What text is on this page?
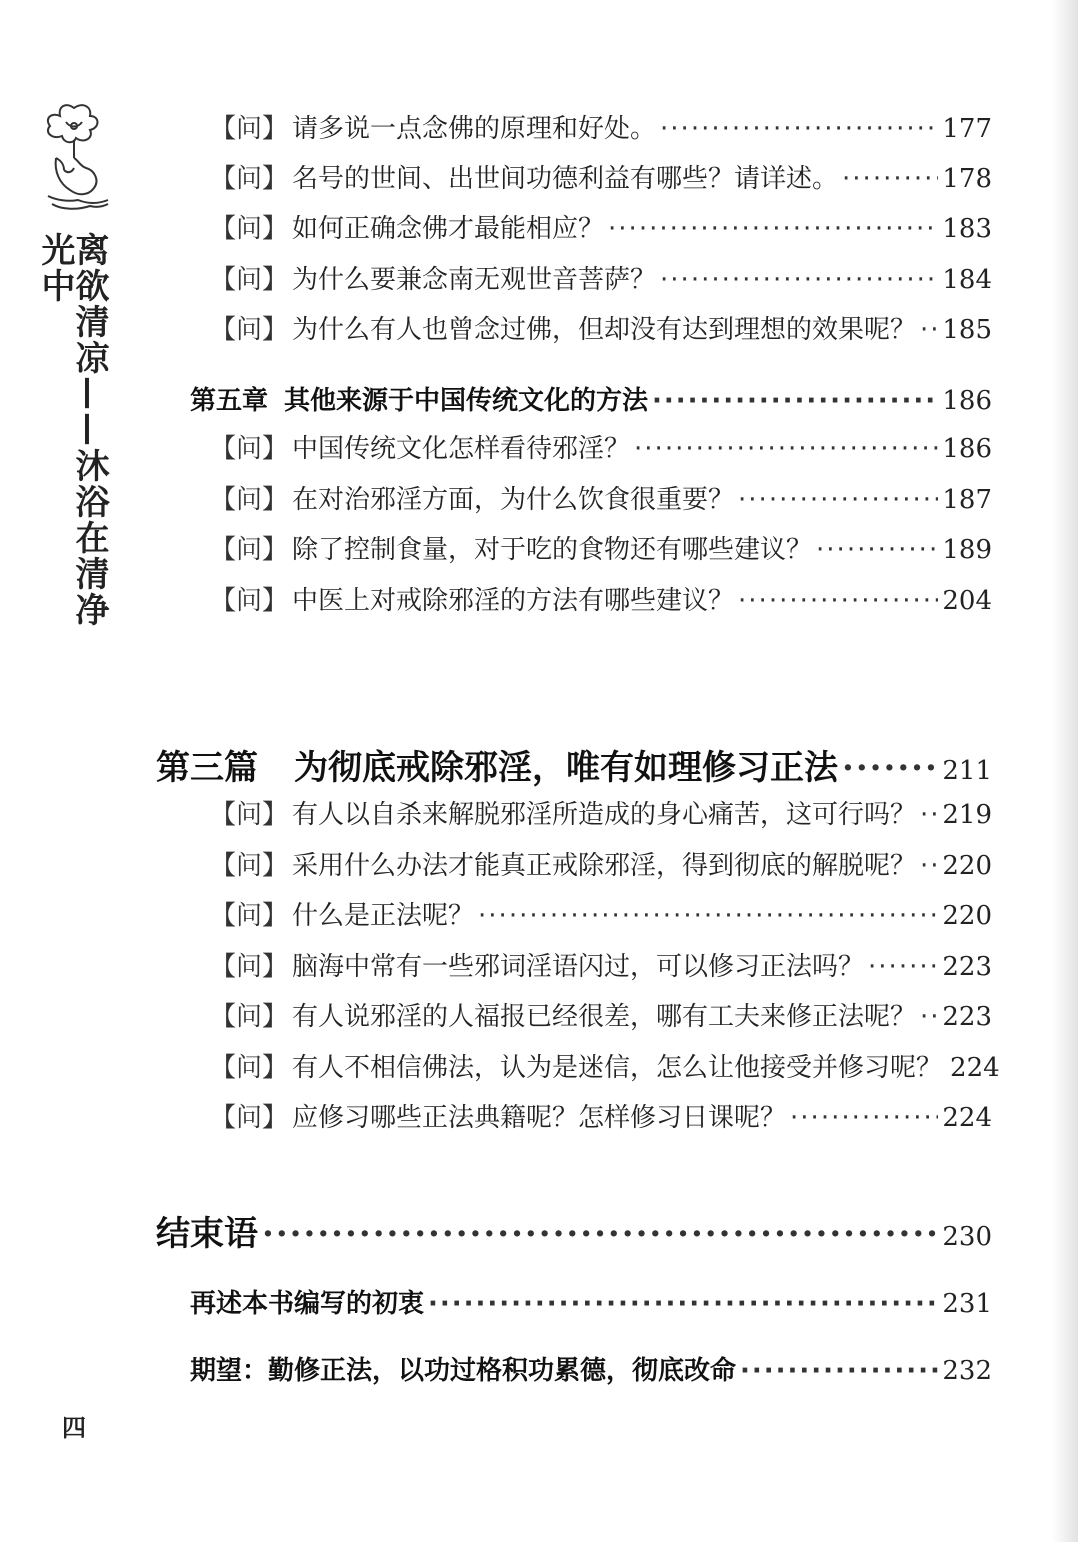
离欲清凉——沐浴在清净光中
四
【问】 请多说一点念佛的原理和好处。 ·····	177
【问】 名号的世间、出世间功德利益有哪些？请详述。 ·····	178
【问】 如何正确念佛才最能相应？ ·····	183
【问】 为什么要兼念南无观世音菩萨？ ·····	184
【问】 为什么有人也曾念过佛，但却没有达到理想的效果呢？ ····· 185
第五章 其他来源于中国传统文化的方法 ·····	186
【问】 中国传统文化怎样看待邪淫？ ·····	186
【问】 在对治邪淫方面，为什么饮食很重要？ ·····	187
【问】 除了控制食量，对于吃的食物还有哪些建议？ ·····	189
【问】 中医上对戒除邪淫的方法有哪些建议？ ·····	204
第三篇 为彻底戒除邪淫，唯有如理修习正法 ·····	211
【问】 有人以自杀来解脱邪淫所造成的身心痛苦，这可行吗？ ····· 219
【问】 采用什么办法才能真正戒除邪淫，得到彻底的解脱呢？ ····· 220
【问】 什么是正法呢？ ·····	220
【问】 脑海中常有一些邪词淫语闪过，可以修习正法吗？ ·····	223
【问】 有人说邪淫的人福报已经很差，哪有工夫来修正法呢？ ····· 223
【问】 有人不相信佛法，认为是迷信，怎么让他接受并修习呢？ 224
【问】 应修习哪些正法典籍呢？怎样修习日课呢？ ·····	224
结束语 ·····	230
再述本书编写的初衷 ·····	231
期望：勤修正法，以功过格积功累德，彻底改命 ·····	232
